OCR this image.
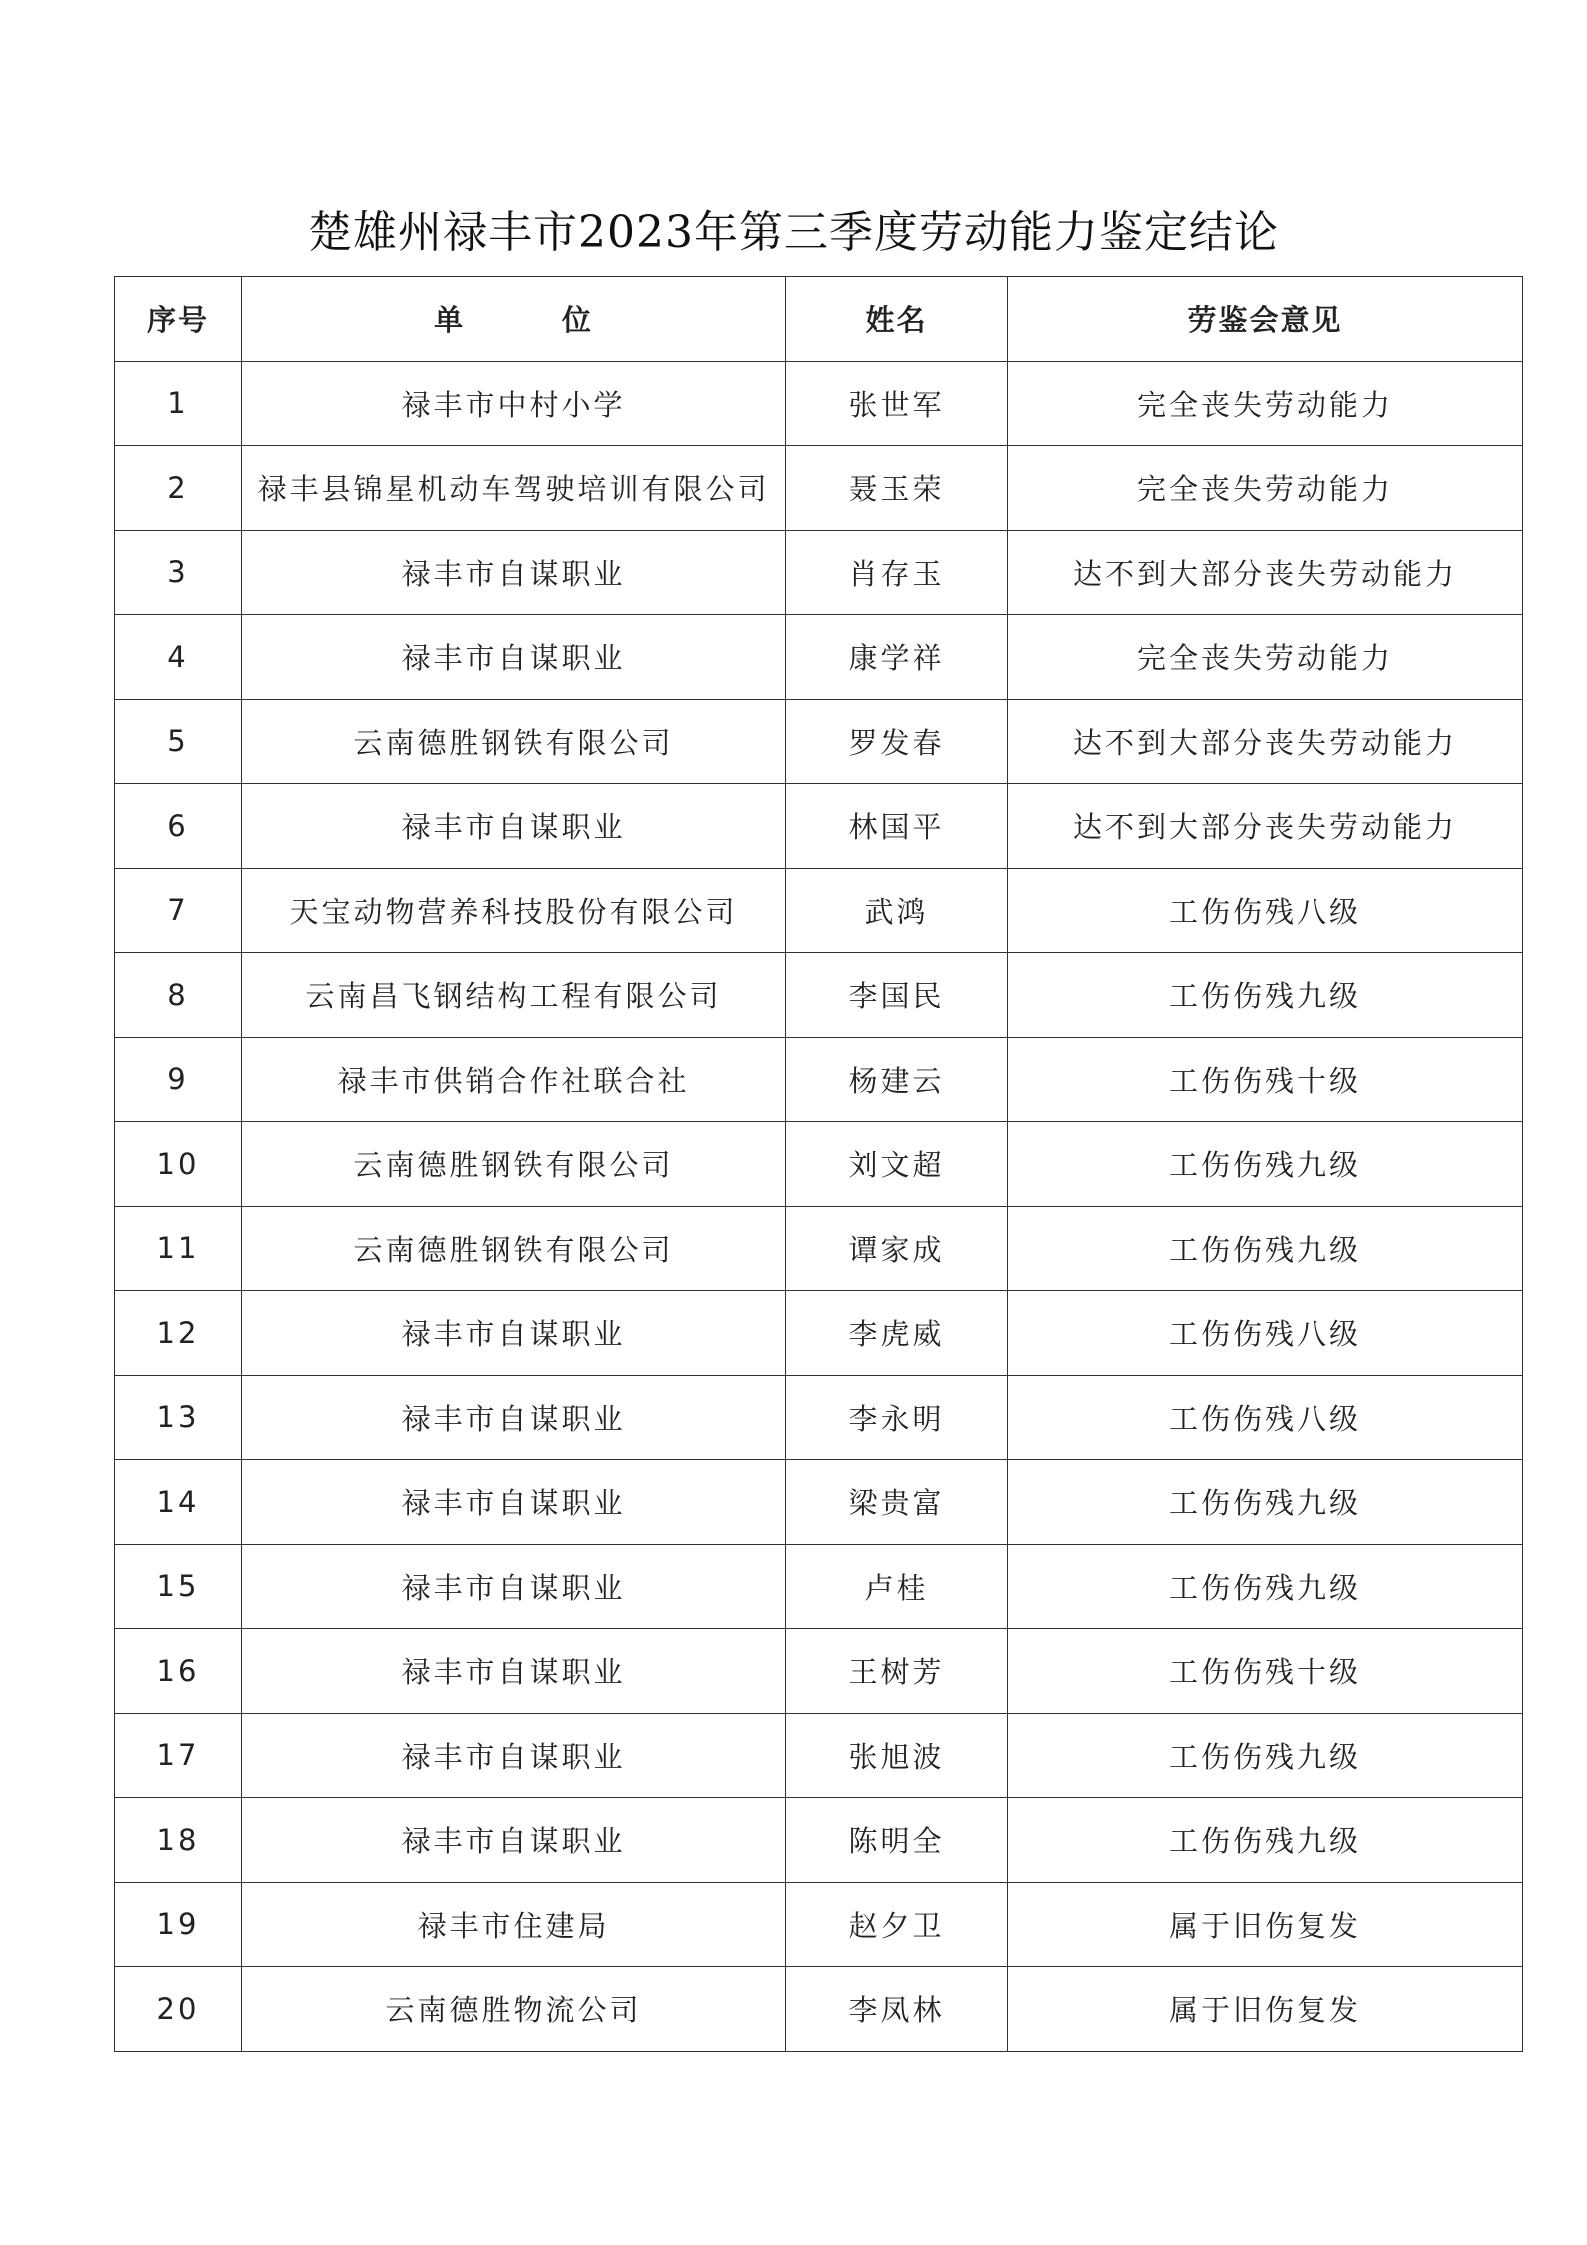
楚雄州禄丰市2023年第三季度劳动能力鉴定结论
序号	单        位	姓名	劳鉴会意见
1	禄丰市中村小学	张世军	完全丧失劳动能力
2	禄丰县锦星机动车驾驶培训有限公司	聂玉荣	完全丧失劳动能力
3	禄丰市自谋职业	肖存玉	达不到大部分丧失劳动能力
4	禄丰市自谋职业	康学祥	完全丧失劳动能力
5	云南德胜钢铁有限公司	罗发春	达不到大部分丧失劳动能力
6	禄丰市自谋职业	林国平	达不到大部分丧失劳动能力
7	天宝动物营养科技股份有限公司	武鸿	工伤伤残八级
8	云南昌飞钢结构工程有限公司	李国民	工伤伤残九级
9	禄丰市供销合作社联合社	杨建云	工伤伤残十级
10	云南德胜钢铁有限公司	刘文超	工伤伤残九级
11	云南德胜钢铁有限公司	谭家成	工伤伤残九级
12	禄丰市自谋职业	李虎威	工伤伤残八级
13	禄丰市自谋职业	李永明	工伤伤残八级
14	禄丰市自谋职业	梁贵富	工伤伤残九级
15	禄丰市自谋职业	卢桂	工伤伤残九级
16	禄丰市自谋职业	王树芳	工伤伤残十级
17	禄丰市自谋职业	张旭波	工伤伤残九级
18	禄丰市自谋职业	陈明全	工伤伤残九级
19	禄丰市住建局	赵夕卫	属于旧伤复发
20	云南德胜物流公司	李凤林	属于旧伤复发
